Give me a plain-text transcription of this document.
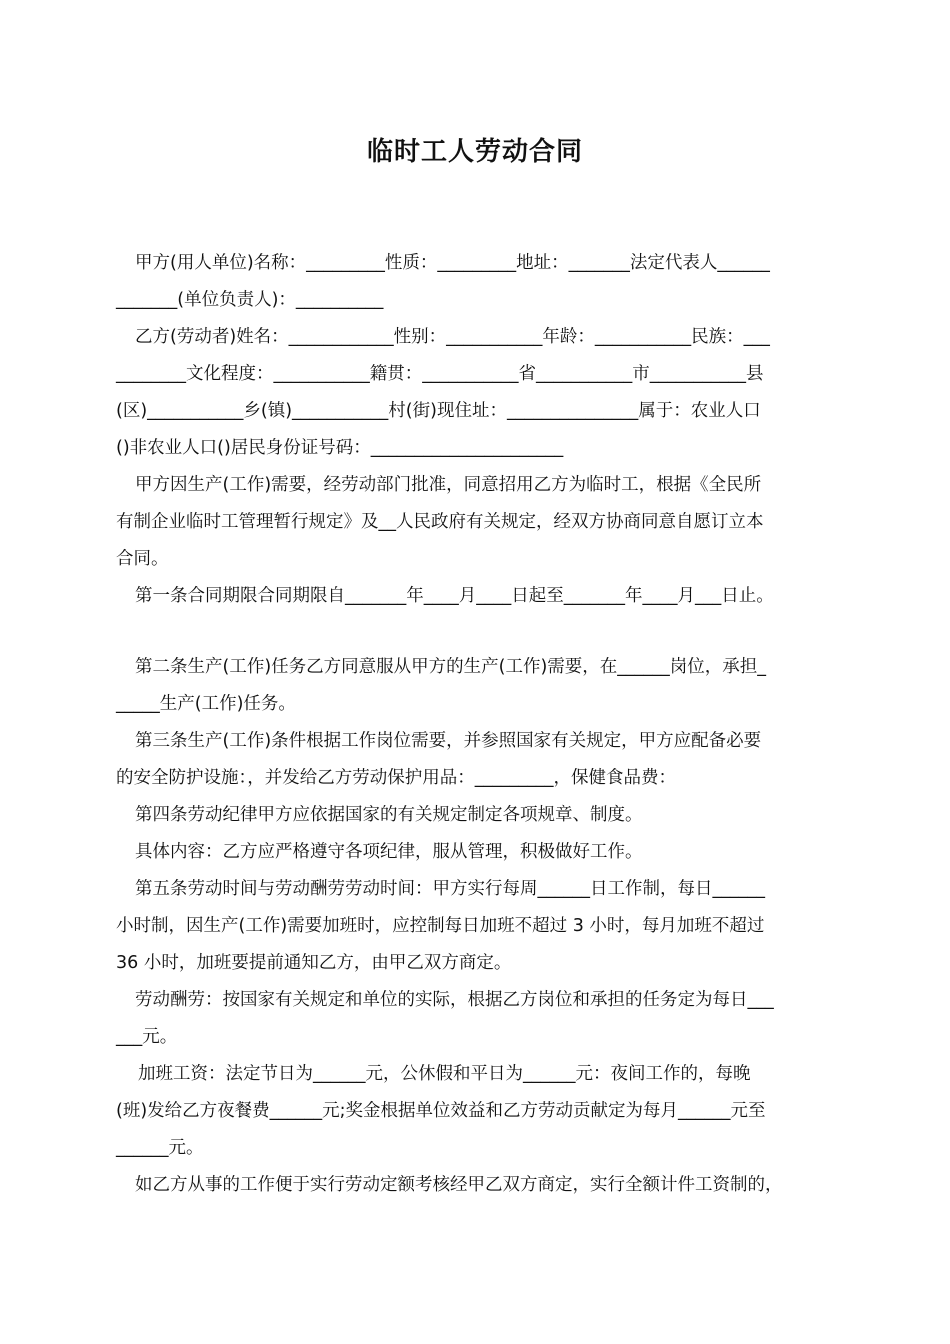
临时工人劳动合同
甲方(用人单位)名称：_________性质：_________地址：_______法定代表人______
_______(单位负责人)：__________
乙方(劳动者)姓名：____________性别：___________年龄：___________民族：___
________文化程度：___________籍贯：___________省___________市___________县
(区)___________乡(镇)___________村(街)现住址：_______________属于：农业人口
()非农业人口()居民身份证号码：______________________
甲方因生产(工作)需要，经劳动部门批准，同意招用乙方为临时工，根据《全民所
有制企业临时工管理暂行规定》及__人民政府有关规定，经双方协商同意自愿订立本
合同。
第一条合同期限合同期限自_______年____月____日起至_______年____月___日止。
第二条生产(工作)任务乙方同意服从甲方的生产(工作)需要，在______岗位，承担_
_____生产(工作)任务。
第三条生产(工作)条件根据工作岗位需要，并参照国家有关规定，甲方应配备必要
的安全防护设施：，并发给乙方劳动保护用品：_________，保健食品费：
第四条劳动纪律甲方应依据国家的有关规定制定各项规章、制度。
具体内容：乙方应严格遵守各项纪律，服从管理，积极做好工作。
第五条劳动时间与劳动酬劳劳动时间：甲方实行每周______日工作制，每日______
小时制，因生产(工作)需要加班时，应控制每日加班不超过 3 小时，每月加班不超过
36 小时，加班要提前通知乙方，由甲乙双方商定。
劳动酬劳：按国家有关规定和单位的实际，根据乙方岗位和承担的任务定为每日___
___元。
加班工资：法定节日为______元，公休假和平日为______元：夜间工作的，每晚
(班)发给乙方夜餐费______元;奖金根据单位效益和乙方劳动贡献定为每月______元至
______元。
如乙方从事的工作便于实行劳动定额考核经甲乙双方商定，实行全额计件工资制的，
